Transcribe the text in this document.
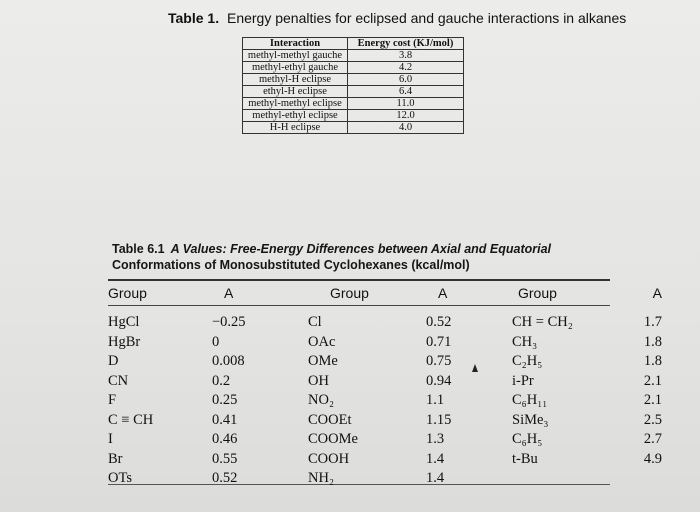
Table 1. Energy penalties for eclipsed and gauche interactions in alkanes
Interaction	Energy cost (KJ/mol)
methyl-methyl gauche	3.8
methyl-ethyl gauche	4.2
methyl-H eclipse	6.0
ethyl-H eclipse	6.4
methyl-methyl eclipse	11.0
methyl-ethyl eclipse	12.0
H-H eclipse	4.0
Table 6.1 A Values: Free-Energy Differences between Axial and Equatorial
Conformations of Monosubstituted Cyclohexanes (kcal/mol)
Group	A	Group	A	Group	A

HgCl	−0.25	Cl	0.52	CH = CH₂	1.7
HgBr	0	OAc	0.71	CH₃	1.8
D	0.008	OMe	0.75	C₂H₅	1.8
CN	0.2	OH	0.94	i-Pr	2.1
F	0.25	NO₂	1.1	C₆H₁₁	2.1
C ≡ CH	0.41	COOEt	1.15	SiMe₃	2.5
I	0.46	COOMe	1.3	C₆H₅	2.7
Br	0.55	COOH	1.4	t-Bu	4.9
OTs	0.52	NH₂	1.4		
